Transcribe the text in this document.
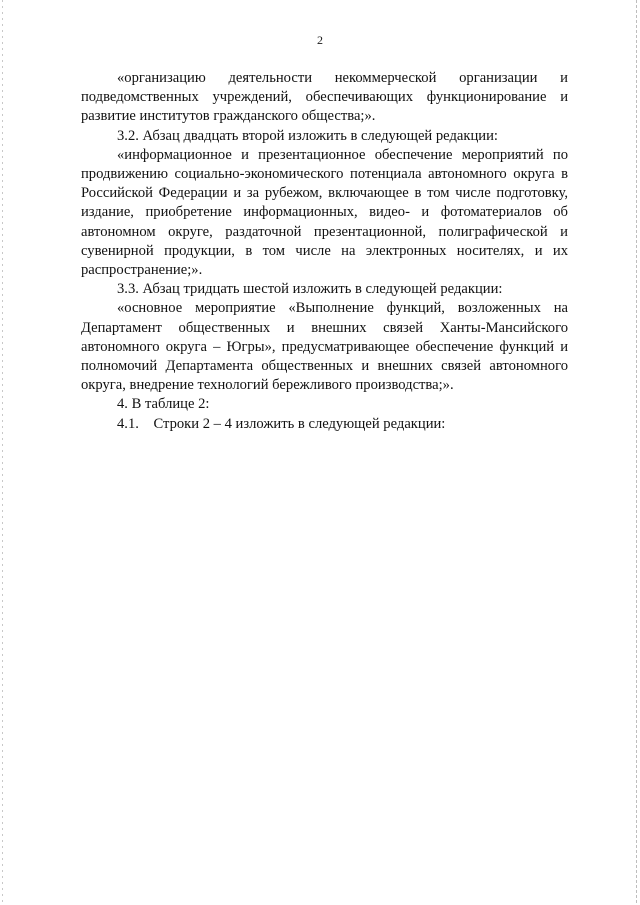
2

«организацию деятельности некоммерческой организации и подведомственных учреждений, обеспечивающих функционирование и развитие институтов гражданского общества;».

3.2. Абзац двадцать второй изложить в следующей редакции:

«информационное и презентационное обеспечение мероприятий по продвижению социально-экономического потенциала автономного округа в Российской Федерации и за рубежом, включающее в том числе подготовку, издание, приобретение информационных, видео- и фотоматериалов об автономном округе, раздаточной презентационной, полиграфической и сувенирной продукции, в том числе на электронных носителях, и их распространение;».

3.3. Абзац тридцать шестой изложить в следующей редакции:

«основное мероприятие «Выполнение функций, возложенных на Департамент общественных и внешних связей Ханты-Мансийского автономного округа – Югры», предусматривающее обеспечение функций и полномочий Департамента общественных и внешних связей автономного округа, внедрение технологий бережливого производства;».

4. В таблице 2:

4.1.    Строки 2 – 4 изложить в следующей редакции:
